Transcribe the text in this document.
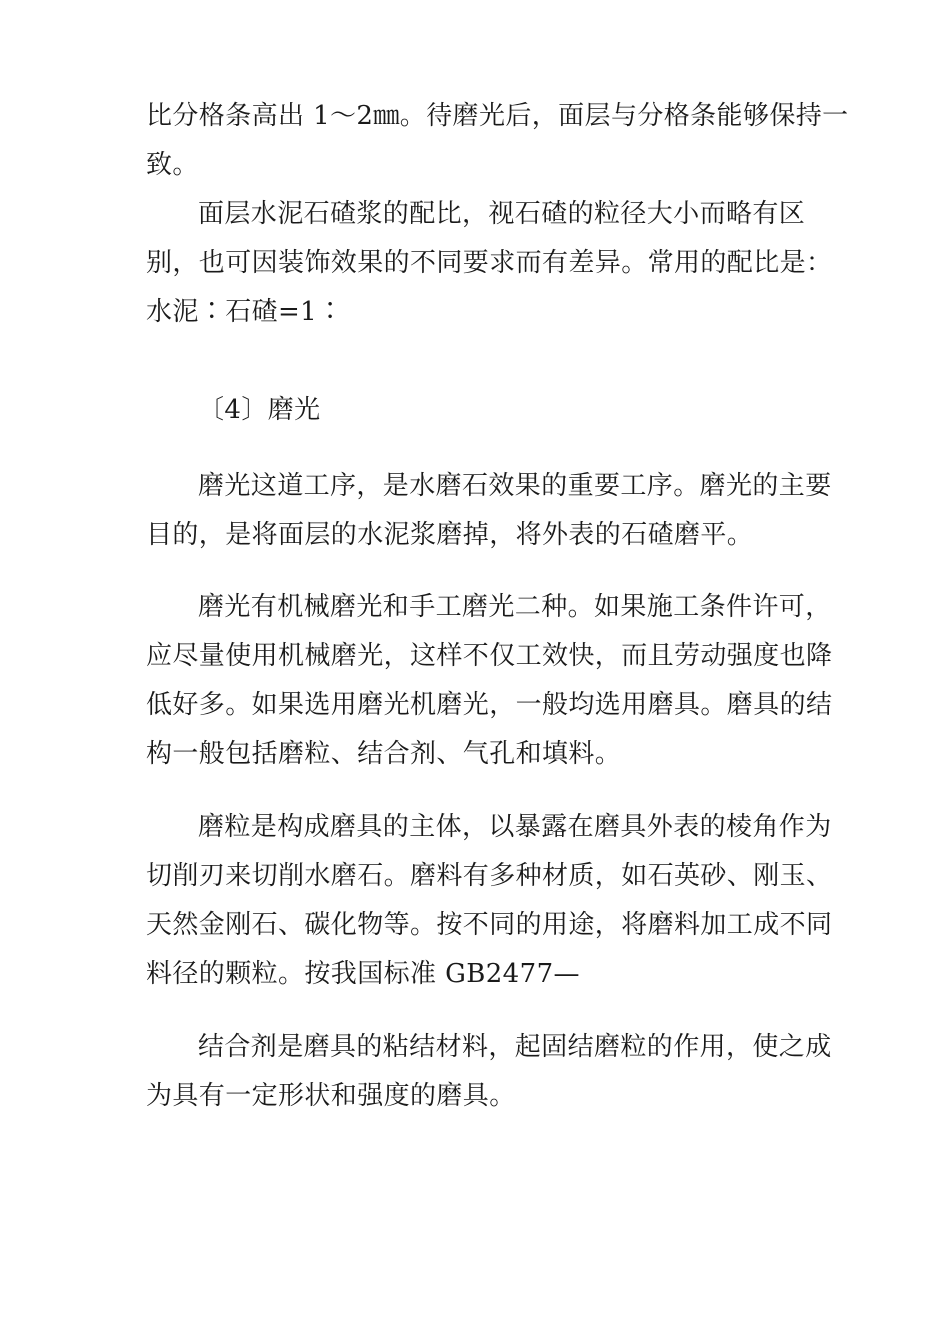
比分格条高出 1～2㎜。待磨光后，面层与分格条能够保持一
致。
面层水泥石碴浆的配比，视石碴的粒径大小而略有区
别，也可因装饰效果的不同要求而有差异。常用的配比是：
水泥∶石碴=1∶
〔4〕磨光
磨光这道工序，是水磨石效果的重要工序。磨光的主要
目的，是将面层的水泥浆磨掉，将外表的石碴磨平。
磨光有机械磨光和手工磨光二种。如果施工条件许可，
应尽量使用机械磨光，这样不仅工效快，而且劳动强度也降
低好多。如果选用磨光机磨光，一般均选用磨具。磨具的结
构一般包括磨粒、结合剂、气孔和填料。
磨粒是构成磨具的主体，以暴露在磨具外表的棱角作为
切削刃来切削水磨石。磨料有多种材质，如石英砂、刚玉、
天然金刚石、碳化物等。按不同的用途，将磨料加工成不同
料径的颗粒。按我国标准 GB2477—
结合剂是磨具的粘结材料，起固结磨粒的作用，使之成
为具有一定形状和强度的磨具。
